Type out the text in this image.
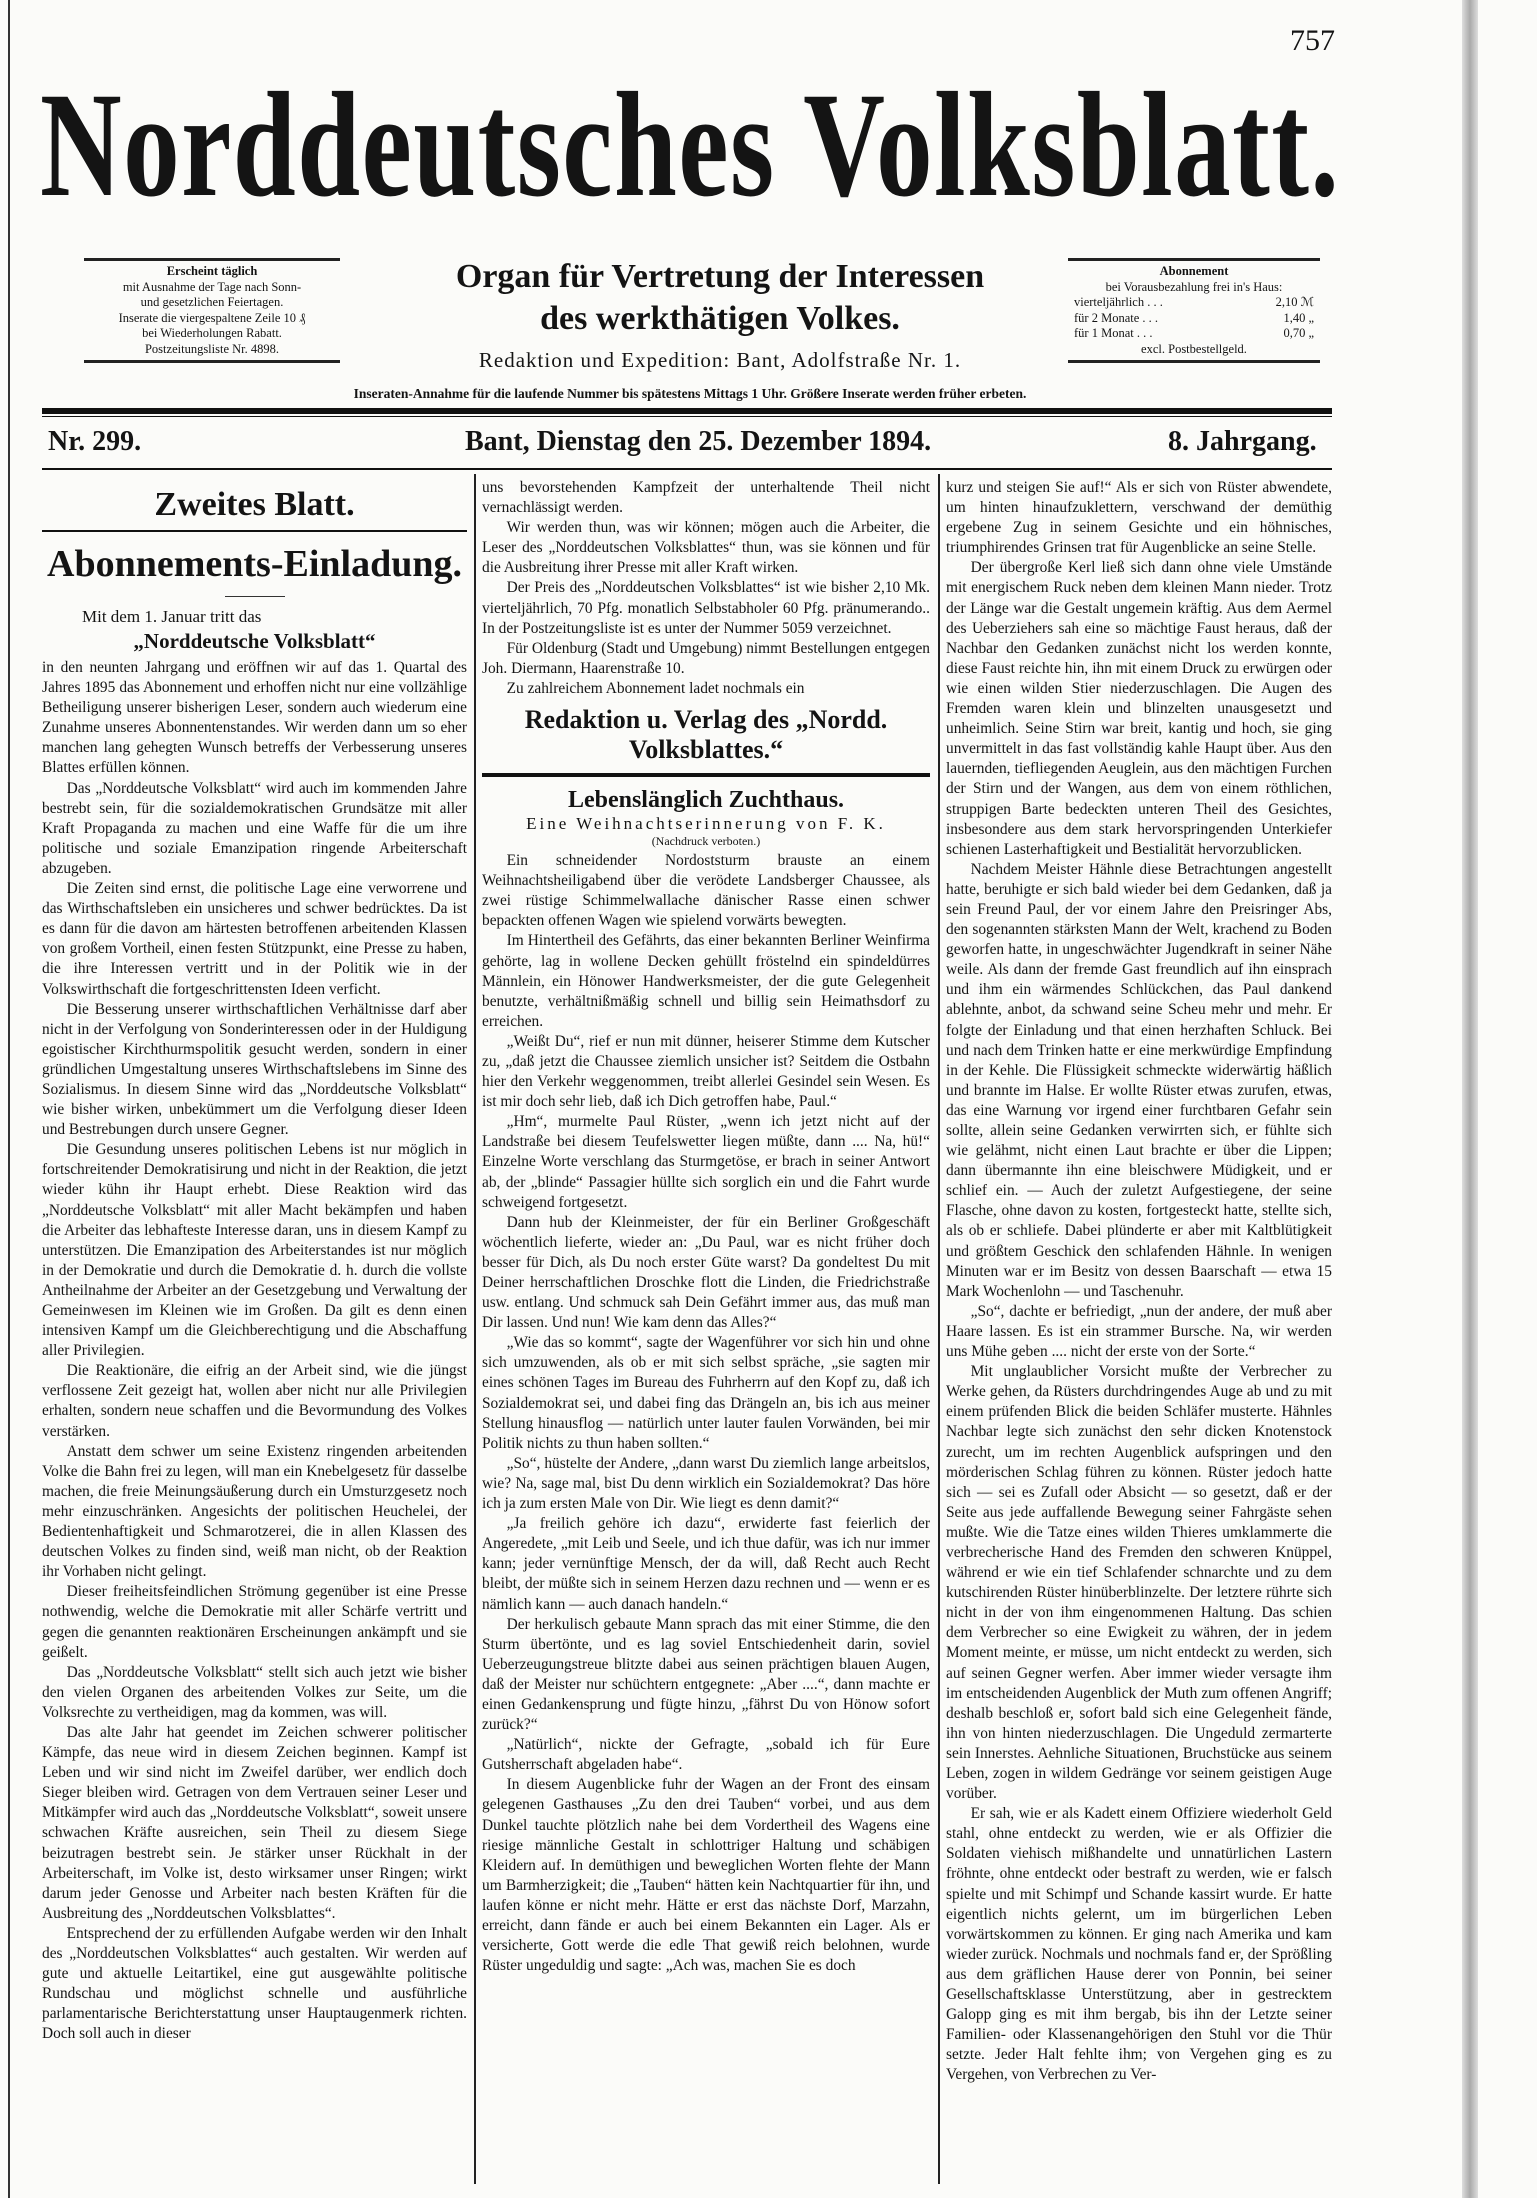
757
Norddeutsches Volksblatt.
Erscheint täglich
mit Ausnahme der Tage nach Sonn-
und gesetzlichen Feiertagen.
Inserate die viergespaltene Zeile 10 ₰
bei Wiederholungen Rabatt.
Postzeitungsliste Nr. 4898.
Organ für Vertretung der Interessen
des werkthätigen Volkes.
Redaktion und Expedition: Bant, Adolfstraße Nr. 1.
Abonnement
bei Vorausbezahlung frei in's Haus:
vierteljährlich . . .	2,10 ℳ
für 2 Monate . . .	1,40 „
für 1 Monat . . .	0,70 „
excl. Postbestellgeld.
Inseraten-Annahme für die laufende Nummer bis spätestens Mittags 1 Uhr. Größere Inserate werden früher erbeten.
Nr. 299.	Bant, Dienstag den 25. Dezember 1894.	8. Jahrgang.
Zweites Blatt.
Abonnements-Einladung.
Mit dem 1. Januar tritt das
„Norddeutsche Volksblatt“

in den neunten Jahrgang und eröffnen wir auf das 1. Quartal des Jahres 1895 das Abonnement und erhoffen nicht nur eine vollzählige Betheiligung unserer bisherigen Leser, sondern auch wiederum eine Zunahme unseres Abonnentenstandes. Wir werden dann um so eher manchen lang gehegten Wunsch betreffs der Verbesserung unseres Blattes erfüllen können.

Das „Norddeutsche Volksblatt“ wird auch im kommenden Jahre bestrebt sein, für die sozialdemokratischen Grundsätze mit aller Kraft Propaganda zu machen und eine Waffe für die um ihre politische und soziale Emanzipation ringende Arbeiterschaft abzugeben.

Die Zeiten sind ernst, die politische Lage eine verworrene und das Wirthschaftsleben ein unsicheres und schwer bedrücktes. Da ist es dann für die davon am härtesten betroffenen arbeitenden Klassen von großem Vortheil, einen festen Stützpunkt, eine Presse zu haben, die ihre Interessen vertritt und in der Politik wie in der Volkswirthschaft die fortgeschrittensten Ideen verficht.

Die Besserung unserer wirthschaftlichen Verhältnisse darf aber nicht in der Verfolgung von Sonderinteressen oder in der Huldigung egoistischer Kirchthurmspolitik gesucht werden, sondern in einer gründlichen Umgestaltung unseres Wirthschaftslebens im Sinne des Sozialismus. In diesem Sinne wird das „Norddeutsche Volksblatt“ wie bisher wirken, unbekümmert um die Verfolgung dieser Ideen und Bestrebungen durch unsere Gegner.

Die Gesundung unseres politischen Lebens ist nur möglich in fortschreitender Demokratisirung und nicht in der Reaktion, die jetzt wieder kühn ihr Haupt erhebt. Diese Reaktion wird das „Norddeutsche Volksblatt“ mit aller Macht bekämpfen und haben die Arbeiter das lebhafteste Interesse daran, uns in diesem Kampf zu unterstützen. Die Emanzipation des Arbeiterstandes ist nur möglich in der Demokratie und durch die Demokratie d. h. durch die vollste Antheilnahme der Arbeiter an der Gesetzgebung und Verwaltung der Gemeinwesen im Kleinen wie im Großen. Da gilt es denn einen intensiven Kampf um die Gleichberechtigung und die Abschaffung aller Privilegien.

Die Reaktionäre, die eifrig an der Arbeit sind, wie die jüngst verflossene Zeit gezeigt hat, wollen aber nicht nur alle Privilegien erhalten, sondern neue schaffen und die Bevormundung des Volkes verstärken.

Anstatt dem schwer um seine Existenz ringenden arbeitenden Volke die Bahn frei zu legen, will man ein Knebelgesetz für dasselbe machen, die freie Meinungsäußerung durch ein Umsturzgesetz noch mehr einzuschränken. Angesichts der politischen Heuchelei, der Bedientenhaftigkeit und Schmarotzerei, die in allen Klassen des deutschen Volkes zu finden sind, weiß man nicht, ob der Reaktion ihr Vorhaben nicht gelingt.

Dieser freiheitsfeindlichen Strömung gegenüber ist eine Presse nothwendig, welche die Demokratie mit aller Schärfe vertritt und gegen die genannten reaktionären Erscheinungen ankämpft und sie geißelt.

Das „Norddeutsche Volksblatt“ stellt sich auch jetzt wie bisher den vielen Organen des arbeitenden Volkes zur Seite, um die Volksrechte zu vertheidigen, mag da kommen, was will.

Das alte Jahr hat geendet im Zeichen schwerer politischer Kämpfe, das neue wird in diesem Zeichen beginnen. Kampf ist Leben und wir sind nicht im Zweifel darüber, wer endlich doch Sieger bleiben wird. Getragen von dem Vertrauen seiner Leser und Mitkämpfer wird auch das „Norddeutsche Volksblatt“, soweit unsere schwachen Kräfte ausreichen, sein Theil zu diesem Siege beizutragen bestrebt sein. Je stärker unser Rückhalt in der Arbeiterschaft, im Volke ist, desto wirksamer unser Ringen; wirkt darum jeder Genosse und Arbeiter nach besten Kräften für die Ausbreitung des „Norddeutschen Volksblattes“.

Entsprechend der zu erfüllenden Aufgabe werden wir den Inhalt des „Norddeutschen Volksblattes“ auch gestalten. Wir werden auf gute und aktuelle Leitartikel, eine gut ausgewählte politische Rundschau und möglichst schnelle und ausführliche parlamentarische Berichterstattung unser Hauptaugenmerk richten. Doch soll auch in dieser

uns bevorstehenden Kampfzeit der unterhaltende Theil nicht vernachlässigt werden.

Wir werden thun, was wir können; mögen auch die Arbeiter, die Leser des „Norddeutschen Volksblattes“ thun, was sie können und für die Ausbreitung ihrer Presse mit aller Kraft wirken.

Der Preis des „Norddeutschen Volksblattes“ ist wie bisher 2,10 Mk. vierteljährlich, 70 Pfg. monatlich Selbstabholer 60 Pfg. pränumerando.. In der Postzeitungsliste ist es unter der Nummer 5059 verzeichnet.

Für Oldenburg (Stadt und Umgebung) nimmt Bestellungen entgegen Joh. Diermann, Haarenstraße 10.

Zu zahlreichem Abonnement ladet nochmals ein

Redaktion u. Verlag des „Nordd. Volksblattes.“
Lebenslänglich Zuchthaus.
Eine Weihnachtserinnerung von F. K.
(Nachdruck verboten.)

Ein schneidender Nordoststurm brauste an einem Weihnachtsheiligabend über die verödete Landsberger Chaussee, als zwei rüstige Schimmelwallache dänischer Rasse einen schwer bepackten offenen Wagen wie spielend vorwärts bewegten.

Im Hintertheil des Gefährts, das einer bekannten Berliner Weinfirma gehörte, lag in wollene Decken gehüllt fröstelnd ein spindeldürres Männlein, ein Hönower Handwerksmeister, der die gute Gelegenheit benutzte, verhältnißmäßig schnell und billig sein Heimathsdorf zu erreichen.

„Weißt Du“, rief er nun mit dünner, heiserer Stimme dem Kutscher zu, „daß jetzt die Chaussee ziemlich unsicher ist? Seitdem die Ostbahn hier den Verkehr weggenommen, treibt allerlei Gesindel sein Wesen. Es ist mir doch sehr lieb, daß ich Dich getroffen habe, Paul.“

„Hm“, murmelte Paul Rüster, „wenn ich jetzt nicht auf der Landstraße bei diesem Teufelswetter liegen müßte, dann .... Na, hü!“ Einzelne Worte verschlang das Sturmgetöse, er brach in seiner Antwort ab, der „blinde“ Passagier hüllte sich sorglich ein und die Fahrt wurde schweigend fortgesetzt.

Dann hub der Kleinmeister, der für ein Berliner Großgeschäft wöchentlich lieferte, wieder an: „Du Paul, war es nicht früher doch besser für Dich, als Du noch erster Güte warst? Da gondeltest Du mit Deiner herrschaftlichen Droschke flott die Linden, die Friedrichstraße usw. entlang. Und schmuck sah Dein Gefährt immer aus, das muß man Dir lassen. Und nun! Wie kam denn das Alles?“

„Wie das so kommt“, sagte der Wagenführer vor sich hin und ohne sich umzuwenden, als ob er mit sich selbst spräche, „sie sagten mir eines schönen Tages im Bureau des Fuhrherrn auf den Kopf zu, daß ich Sozialdemokrat sei, und dabei fing das Drängeln an, bis ich aus meiner Stellung hinausflog — natürlich unter lauter faulen Vorwänden, bei mir Politik nichts zu thun haben sollten.“

„So“, hüstelte der Andere, „dann warst Du ziemlich lange arbeitslos, wie? Na, sage mal, bist Du denn wirklich ein Sozialdemokrat? Das höre ich ja zum ersten Male von Dir. Wie liegt es denn damit?“

„Ja freilich gehöre ich dazu“, erwiderte fast feierlich der Angeredete, „mit Leib und Seele, und ich thue dafür, was ich nur immer kann; jeder vernünftige Mensch, der da will, daß Recht auch Recht bleibt, der müßte sich in seinem Herzen dazu rechnen und — wenn er es nämlich kann — auch danach handeln.“

Der herkulisch gebaute Mann sprach das mit einer Stimme, die den Sturm übertönte, und es lag soviel Entschiedenheit darin, soviel Ueberzeugungstreue blitzte dabei aus seinen prächtigen blauen Augen, daß der Meister nur schüchtern entgegnete: „Aber ....“, dann machte er einen Gedankensprung und fügte hinzu, „fährst Du von Hönow sofort zurück?“

„Natürlich“, nickte der Gefragte, „sobald ich für Eure Gutsherrschaft abgeladen habe“.

In diesem Augenblicke fuhr der Wagen an der Front des einsam gelegenen Gasthauses „Zu den drei Tauben“ vorbei, und aus dem Dunkel tauchte plötzlich nahe bei dem Vordertheil des Wagens eine riesige männliche Gestalt in schlottriger Haltung und schäbigen Kleidern auf. In demüthigen und beweglichen Worten flehte der Mann um Barmherzigkeit; die „Tauben“ hätten kein Nachtquartier für ihn, und laufen könne er nicht mehr. Hätte er erst das nächste Dorf, Marzahn, erreicht, dann fände er auch bei einem Bekannten ein Lager. Als er versicherte, Gott werde die edle That gewiß reich belohnen, wurde Rüster ungeduldig und sagte: „Ach was, machen Sie es doch

kurz und steigen Sie auf!“ Als er sich von Rüster abwendete, um hinten hinaufzuklettern, verschwand der demüthig ergebene Zug in seinem Gesichte und ein höhnisches, triumphirendes Grinsen trat für Augenblicke an seine Stelle.

Der übergroße Kerl ließ sich dann ohne viele Umstände mit energischem Ruck neben dem kleinen Mann nieder. Trotz der Länge war die Gestalt ungemein kräftig. Aus dem Aermel des Ueberziehers sah eine so mächtige Faust heraus, daß der Nachbar den Gedanken zunächst nicht los werden konnte, diese Faust reichte hin, ihn mit einem Druck zu erwürgen oder wie einen wilden Stier niederzuschlagen. Die Augen des Fremden waren klein und blinzelten unausgesetzt und unheimlich. Seine Stirn war breit, kantig und hoch, sie ging unvermittelt in das fast vollständig kahle Haupt über. Aus den lauernden, tiefliegenden Aeuglein, aus den mächtigen Furchen der Stirn und der Wangen, aus dem von einem röthlichen, struppigen Barte bedeckten unteren Theil des Gesichtes, insbesondere aus dem stark hervorspringenden Unterkiefer schienen Lasterhaftigkeit und Bestialität hervorzublicken.

Nachdem Meister Hähnle diese Betrachtungen angestellt hatte, beruhigte er sich bald wieder bei dem Gedanken, daß ja sein Freund Paul, der vor einem Jahre den Preisringer Abs, den sogenannten stärksten Mann der Welt, krachend zu Boden geworfen hatte, in ungeschwächter Jugendkraft in seiner Nähe weile. Als dann der fremde Gast freundlich auf ihn einsprach und ihm ein wärmendes Schlückchen, das Paul dankend ablehnte, anbot, da schwand seine Scheu mehr und mehr. Er folgte der Einladung und that einen herzhaften Schluck. Bei und nach dem Trinken hatte er eine merkwürdige Empfindung in der Kehle. Die Flüssigkeit schmeckte widerwärtig häßlich und brannte im Halse. Er wollte Rüster etwas zurufen, etwas, das eine Warnung vor irgend einer furchtbaren Gefahr sein sollte, allein seine Gedanken verwirrten sich, er fühlte sich wie gelähmt, nicht einen Laut brachte er über die Lippen; dann übermannte ihn eine bleischwere Müdigkeit, und er schlief ein. — Auch der zuletzt Aufgestiegene, der seine Flasche, ohne davon zu kosten, fortgesteckt hatte, stellte sich, als ob er schliefe. Dabei plünderte er aber mit Kaltblütigkeit und größtem Geschick den schlafenden Hähnle. In wenigen Minuten war er im Besitz von dessen Baarschaft — etwa 15 Mark Wochenlohn — und Taschenuhr.

„So“, dachte er befriedigt, „nun der andere, der muß aber Haare lassen. Es ist ein strammer Bursche. Na, wir werden uns Mühe geben .... nicht der erste von der Sorte.“

Mit unglaublicher Vorsicht mußte der Verbrecher zu Werke gehen, da Rüsters durchdringendes Auge ab und zu mit einem prüfenden Blick die beiden Schläfer musterte. Hähnles Nachbar legte sich zunächst den sehr dicken Knotenstock zurecht, um im rechten Augenblick aufspringen und den mörderischen Schlag führen zu können. Rüster jedoch hatte sich — sei es Zufall oder Absicht — so gesetzt, daß er der Seite aus jede auffallende Bewegung seiner Fahrgäste sehen mußte. Wie die Tatze eines wilden Thieres umklammerte die verbrecherische Hand des Fremden den schweren Knüppel, während er wie ein tief Schlafender schnarchte und zu dem kutschirenden Rüster hinüberblinzelte. Der letztere rührte sich nicht in der von ihm eingenommenen Haltung. Das schien dem Verbrecher so eine Ewigkeit zu währen, der in jedem Moment meinte, er müsse, um nicht entdeckt zu werden, sich auf seinen Gegner werfen. Aber immer wieder versagte ihm im entscheidenden Augenblick der Muth zum offenen Angriff; deshalb beschloß er, sofort bald sich eine Gelegenheit fände, ihn von hinten niederzuschlagen. Die Ungeduld zermarterte sein Innerstes. Aehnliche Situationen, Bruchstücke aus seinem Leben, zogen in wildem Gedränge vor seinem geistigen Auge vorüber.

Er sah, wie er als Kadett einem Offiziere wiederholt Geld stahl, ohne entdeckt zu werden, wie er als Offizier die Soldaten viehisch mißhandelte und unnatürlichen Lastern fröhnte, ohne entdeckt oder bestraft zu werden, wie er falsch spielte und mit Schimpf und Schande kassirt wurde. Er hatte eigentlich nichts gelernt, um im bürgerlichen Leben vorwärtskommen zu können. Er ging nach Amerika und kam wieder zurück. Nochmals und nochmals fand er, der Sprößling aus dem gräflichen Hause derer von Ponnin, bei seiner Gesellschaftsklasse Unterstützung, aber in gestrecktem Galopp ging es mit ihm bergab, bis ihn der Letzte seiner Familien- oder Klassenangehörigen den Stuhl vor die Thür setzte. Jeder Halt fehlte ihm; von Vergehen ging es zu Vergehen, von Verbrechen zu Ver-
